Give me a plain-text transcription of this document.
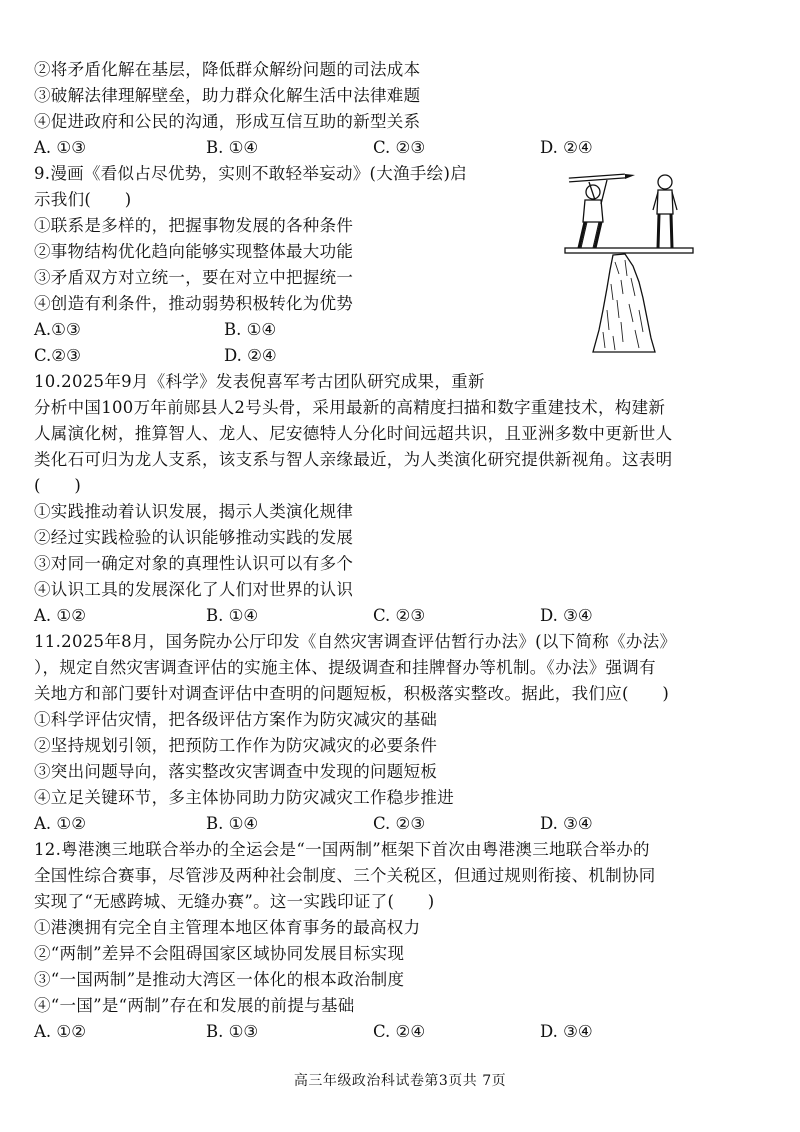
②将矛盾化解在基层，降低群众解纷问题的司法成本
③破解法律理解壁垒，助力群众化解生活中法律难题
④促进政府和公民的沟通，形成互信互助的新型关系
A. ①③	B. ①④	C. ②③	D. ②④
9.漫画《看似占尽优势，实则不敢轻举妄动》(大渔手绘)启
示我们(　　)
①联系是多样的，把握事物发展的各种条件
②事物结构优化趋向能够实现整体最大功能
③矛盾双方对立统一，要在对立中把握统一
④创造有利条件，推动弱势积极转化为优势
A.①③	B. ①④
C.②③	D. ②④
10.2025年9月《科学》发表倪喜军考古团队研究成果，重新
分析中国100万年前郧县人2号头骨，采用最新的高精度扫描和数字重建技术，构建新
人属演化树，推算智人、龙人、尼安德特人分化时间远超共识，且亚洲多数中更新世人
类化石可归为龙人支系，该支系与智人亲缘最近，为人类演化研究提供新视角。这表明
(　　)
①实践推动着认识发展，揭示人类演化规律
②经过实践检验的认识能够推动实践的发展
③对同一确定对象的真理性认识可以有多个
④认识工具的发展深化了人们对世界的认识
A. ①②	B. ①④	C. ②③	D. ③④
11.2025年8月，国务院办公厅印发《自然灾害调查评估暂行办法》(以下简称《办法》
），规定自然灾害调查评估的实施主体、提级调查和挂牌督办等机制。《办法》强调有
关地方和部门要针对调查评估中查明的问题短板，积极落实整改。据此，我们应(　　)
①科学评估灾情，把各级评估方案作为防灾减灾的基础
②坚持规划引领，把预防工作作为防灾减灾的必要条件
③突出问题导向，落实整改灾害调查中发现的问题短板
④立足关键环节，多主体协同助力防灾减灾工作稳步推进
A. ①②	B. ①④	C. ②③	D. ③④
12.粤港澳三地联合举办的全运会是“一国两制”框架下首次由粤港澳三地联合举办的
全国性综合赛事，尽管涉及两种社会制度、三个关税区，但通过规则衔接、机制协同
实现了“无感跨城、无缝办赛”。这一实践印证了(　　)
①港澳拥有完全自主管理本地区体育事务的最高权力
②“两制”差异不会阻碍国家区域协同发展目标实现
③“一国两制”是推动大湾区一体化的根本政治制度
④“一国”是“两制”存在和发展的前提与基础
A. ①②	B. ①③	C. ②④	D. ③④
高三年级政治科试卷第3页共 7页
